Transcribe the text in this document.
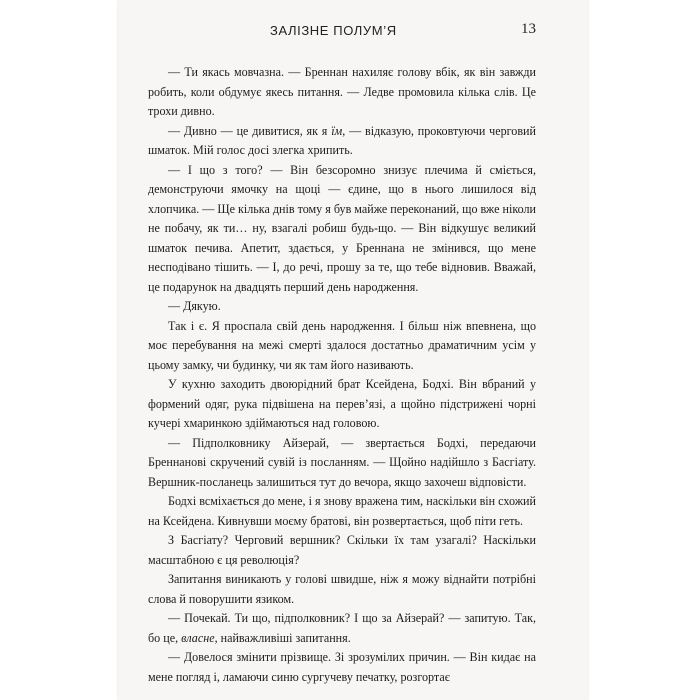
ЗАЛІЗНЕ ПОЛУМ’Я	13

— Ти якась мовчазна. — Бреннан нахиляє голову вбік, як він завжди робить, коли обдумує якесь питання. — Ледве промовила кілька слів. Це трохи дивно.

— Дивно — це дивитися, як я їм, — відказую, проковтуючи черговий шматок. Мій голос досі злегка хрипить.

— І що з того? — Він безсоромно знизує плечима й сміється, демонструючи ямочку на щоці — єдине, що в нього лишилося від хлопчика. — Ще кілька днів тому я був майже переконаний, що вже ніколи не побачу, як ти… ну, взагалі робиш будь-що. — Він відкушує великий шматок печива. Апетит, здається, у Бреннана не змінився, що мене несподівано тішить. — І, до речі, прошу за те, що тебе відновив. Вважай, це подарунок на двадцять перший день народження.

— Дякую.

Так і є. Я проспала свій день народження. І більш ніж впевнена, що моє перебування на межі смерті здалося достатньо драматичним усім у цьому замку, чи будинку, чи як там його називають.

У кухню заходить двоюрідний брат Ксейдена, Бодхі. Він вбраний у формений одяг, рука підвішена на перев’язі, а щойно підстрижені чорні кучері хмаринкою здіймаються над головою.

— Підполковнику Айзерай, — звертається Бодхі, передаючи Бреннанові скручений сувій із посланням. — Щойно надійшло з Басгіату. Вершник-посланець залишиться тут до вечора, якщо захочеш відповісти.

Бодхі всміхається до мене, і я знову вражена тим, наскільки він схожий на Ксейдена. Кивнувши моєму братові, він розвертається, щоб піти геть.

З Басгіату? Черговий вершник? Скільки їх там узагалі? Наскільки масштабною є ця революція?

Запитання виникають у голові швидше, ніж я можу віднайти потрібні слова й поворушити язиком.

— Почекай. Ти що, підполковник? І що за Айзерай? — запитую. Так, бо це, власне, найважливіші запитання.

— Довелося змінити прізвище. Зі зрозумілих причин. — Він кидає на мене погляд і, ламаючи синю сургучеву печатку, розгортає
